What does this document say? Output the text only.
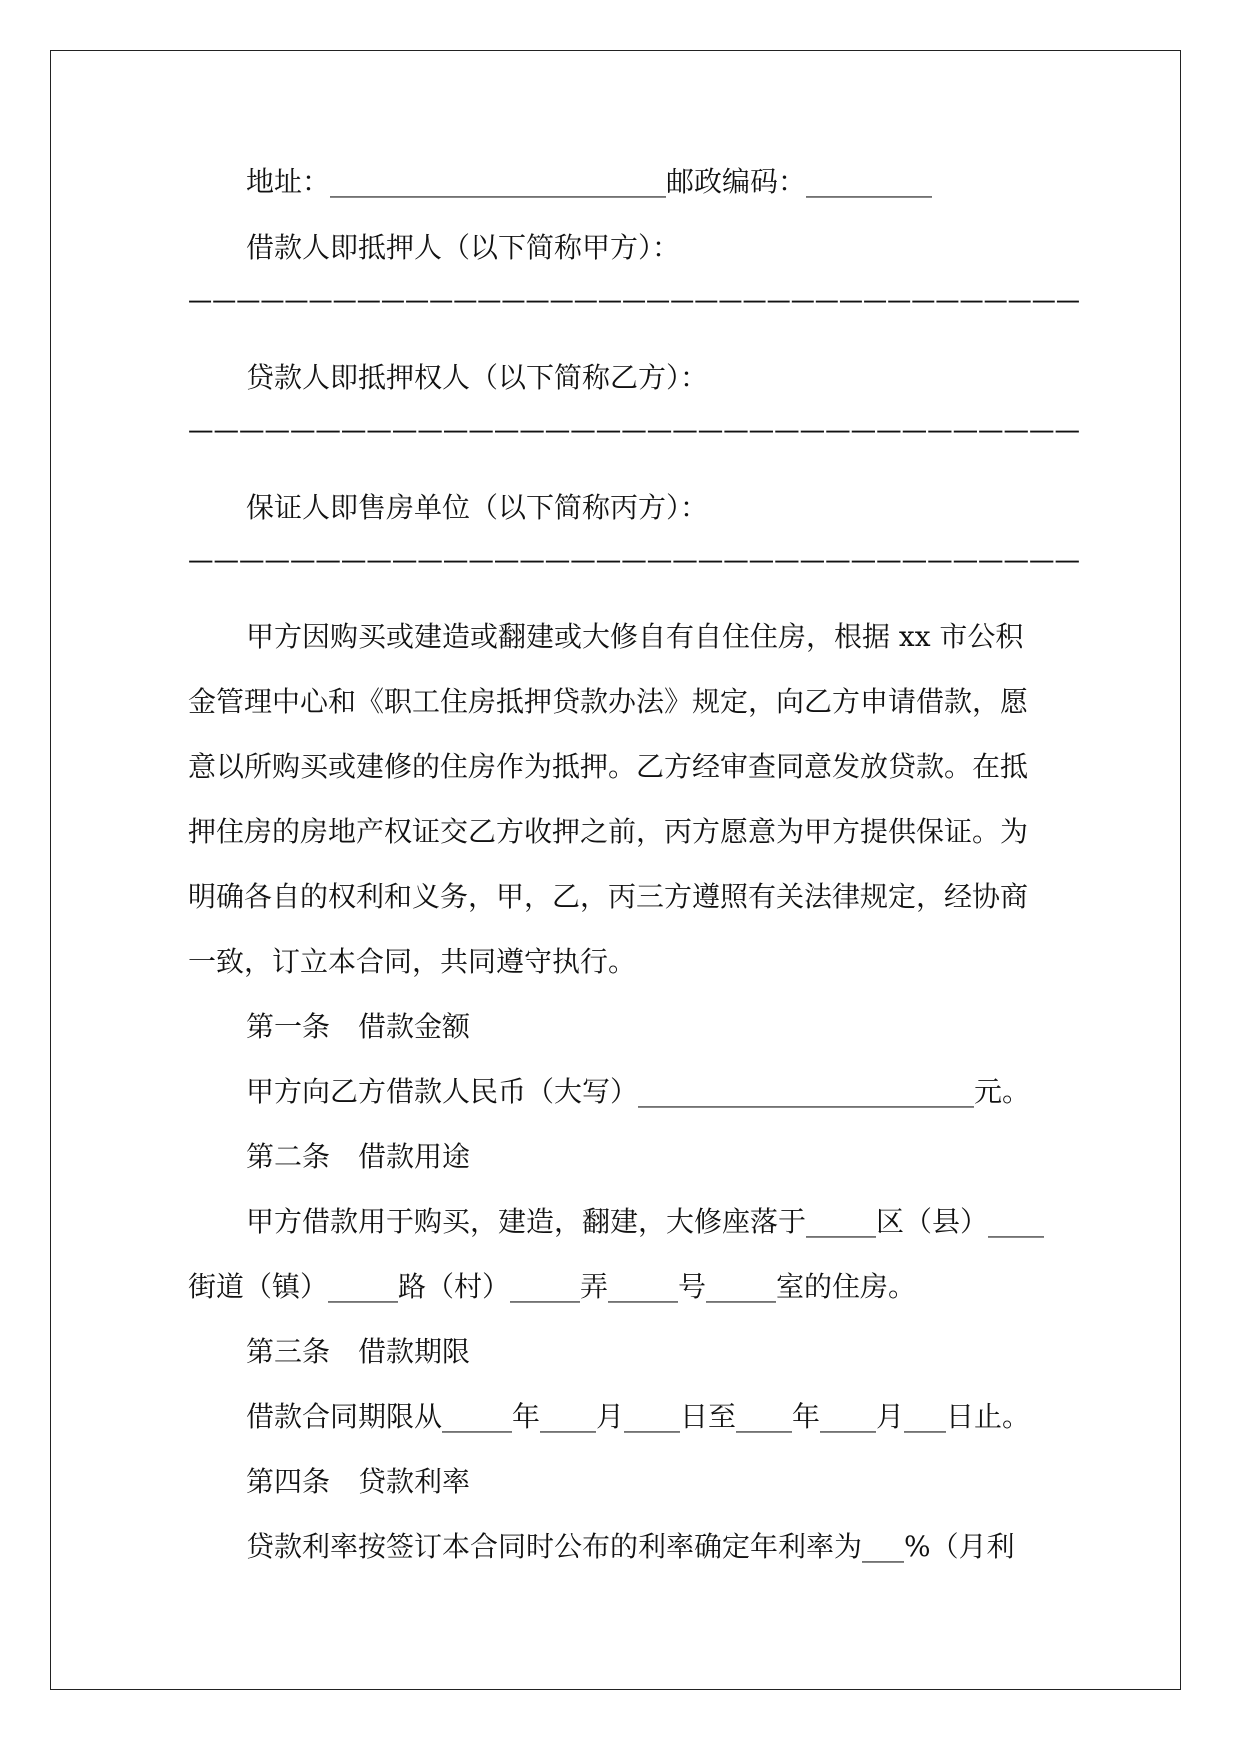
地址：________________________邮政编码：_________
借款人即抵押人（以下简称甲方）：
—————————————————————————————————————
贷款人即抵押权人（以下简称乙方）：
———————————————————————————————————
保证人即售房单位（以下简称丙方）：
———————————————————————————————————
甲方因购买或建造或翻建或大修自有自住住房，根据 xx 市公积
金管理中心和《职工住房抵押贷款办法》规定，向乙方申请借款，愿
意以所购买或建修的住房作为抵押。乙方经审查同意发放贷款。在抵
押住房的房地产权证交乙方收押之前，丙方愿意为甲方提供保证。为
明确各自的权利和义务，甲，乙，丙三方遵照有关法律规定，经协商
一致，订立本合同，共同遵守执行。
第一条　借款金额
甲方向乙方借款人民币（大写）________________________元。
第二条　借款用途
甲方借款用于购买，建造，翻建，大修座落于_____区（县）____
街道（镇）_____路（村）_____弄_____号_____室的住房。
第三条　借款期限
借款合同期限从_____年____月____日至____年____月___日止。
第四条　贷款利率
贷款利率按签订本合同时公布的利率确定年利率为___%（月利
